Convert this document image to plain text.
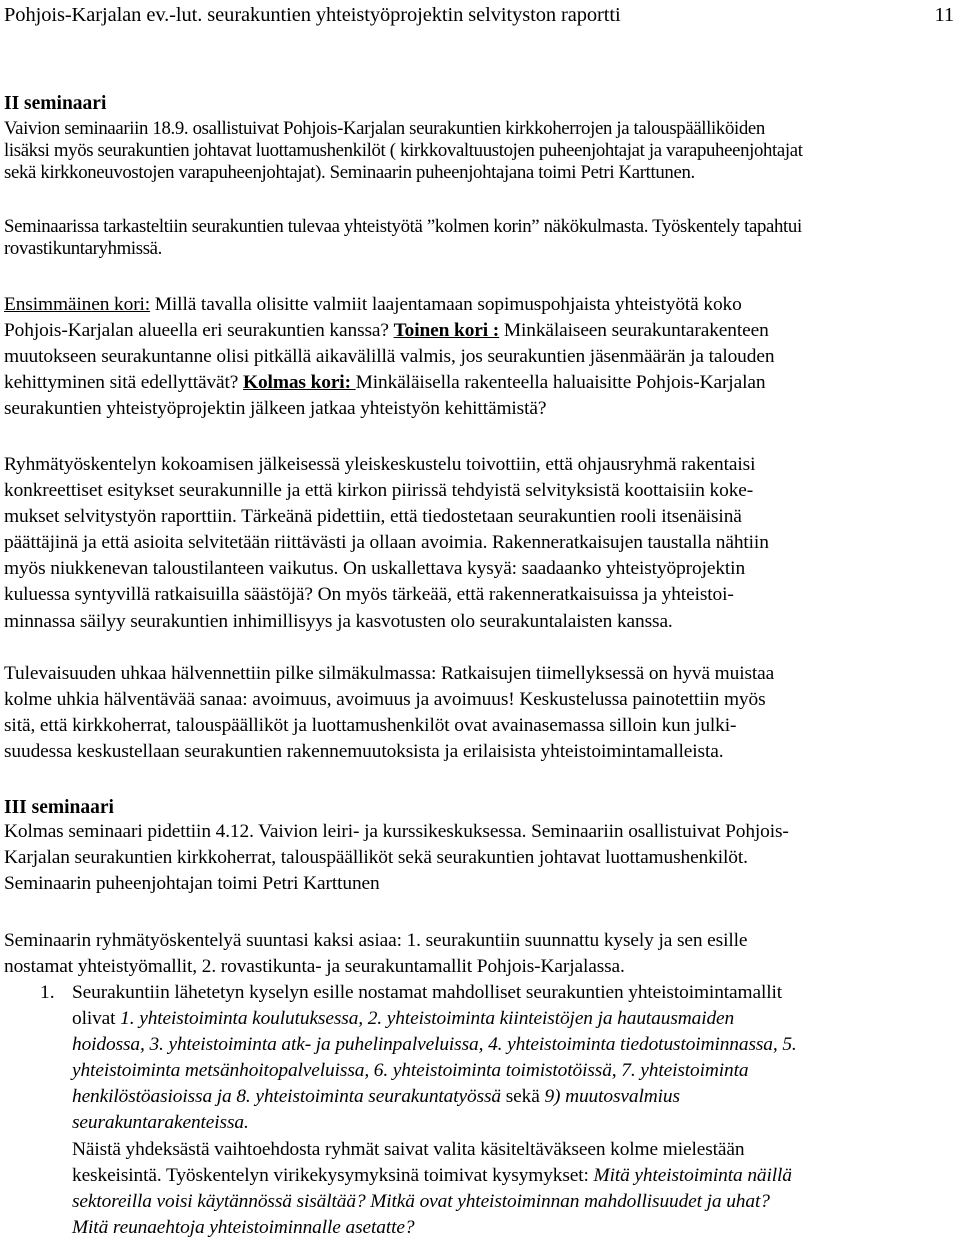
Pohjois-Karjalan ev.-lut. seurakuntien yhteistyöprojektin selvityston raportti	11
II seminaari
Vaivion seminaariin 18.9. osallistuivat Pohjois-Karjalan seurakuntien kirkkoherrojen ja talouspäälliköiden
lisäksi myös seurakuntien johtavat luottamushenkilöt ( kirkkovaltuustojen puheenjohtajat ja varapuheenjohtajat
sekä kirkkoneuvostojen varapuheenjohtajat). Seminaarin puheenjohtajana toimi Petri Karttunen.
Seminaarissa tarkasteltiin seurakuntien tulevaa yhteistyötä ”kolmen korin” näkökulmasta. Työskentely tapahtui
rovastikuntaryhmissä.
Ensimmäinen kori: Millä tavalla olisitte valmiit laajentamaan sopimuspohjaista yhteistyötä koko
Pohjois-Karjalan alueella eri seurakuntien kanssa? Toinen kori : Minkälaiseen seurakuntarakenteen
muutokseen seurakuntanne olisi pitkällä aikavälillä valmis, jos seurakuntien jäsenmäärän ja talouden
kehittyminen sitä edellyttävät? Kolmas kori: Minkäläisella rakenteella haluaisitte Pohjois-Karjalan
seurakuntien yhteistyöprojektin jälkeen jatkaa yhteistyön kehittämistä?
Ryhmätyöskentelyn kokoamisen jälkeisessä yleiskeskustelu toivottiin, että ohjausryhmä rakentaisi
konkreettiset esitykset seurakunnille ja että kirkon piirissä tehdyistä selvityksistä koottaisiin koke-
mukset selvitystyön raporttiin. Tärkeänä pidettiin, että tiedostetaan seurakuntien rooli itsenäisinä
päättäjinä ja että asioita selvitetään riittävästi ja ollaan avoimia. Rakenneratkaisujen taustalla nähtiin
myös niukkenevan taloustilanteen vaikutus. On uskallettava kysyä: saadaanko yhteistyöprojektin
kuluessa syntyvillä ratkaisuilla säästöjä? On myös tärkeää, että rakenneratkaisuissa ja yhteistoi-
minnassa säilyy seurakuntien inhimillisyys ja kasvotusten olo seurakuntalaisten kanssa.
Tulevaisuuden uhkaa hälvennettiin pilke silmäkulmassa: Ratkaisujen tiimellyksessä on hyvä muistaa
kolme uhkia hälventävää sanaa: avoimuus, avoimuus ja avoimuus! Keskustelussa painotettiin myös
sitä, että kirkkoherrat, talouspäälliköt ja luottamushenkilöt ovat avainasemassa silloin kun julki-
suudessa keskustellaan seurakuntien rakennemuutoksista ja erilaisista yhteistoimintamalleista.
III seminaari
Kolmas seminaari pidettiin 4.12. Vaivion leiri- ja kurssikeskuksessa. Seminaariin osallistuivat Pohjois-
Karjalan seurakuntien kirkkoherrat, talouspäälliköt sekä seurakuntien johtavat luottamushenkilöt.
Seminaarin puheenjohtajan toimi Petri Karttunen
Seminaarin ryhmätyöskentelyä suuntasi kaksi asiaa: 1. seurakuntiin suunnattu kysely ja sen esille
nostamat yhteistyömallit, 2. rovastikunta- ja seurakuntamallit Pohjois-Karjalassa.
1. Seurakuntiin lähetetyn kyselyn esille nostamat mahdolliset seurakuntien yhteistoimintamallit
olivat 1. yhteistoiminta koulutuksessa, 2. yhteistoiminta kiinteistöjen ja hautausmaiden
hoidossa, 3. yhteistoiminta atk- ja puhelinpalveluissa, 4. yhteistoiminta tiedotustoiminnassa, 5.
yhteistoiminta metsänhoitopalveluissa, 6. yhteistoiminta toimistotöissä, 7. yhteistoiminta
henkilöstöasioissa ja 8. yhteistoiminta seurakuntatyössä sekä 9) muutosvalmius
seurakuntarakenteissa.
Näistä yhdeksästä vaihtoehdosta ryhmät saivat valita käsiteltäväkseen kolme mielestään
keskeisintä. Työskentelyn virikekysymyksinä toimivat kysymykset: Mitä yhteistoiminta näillä
sektoreilla voisi käytännössä sisältää? Mitkä ovat yhteistoiminnan mahdollisuudet ja uhat?
Mitä reunaehtoja yhteistoiminnalle asetatte?
